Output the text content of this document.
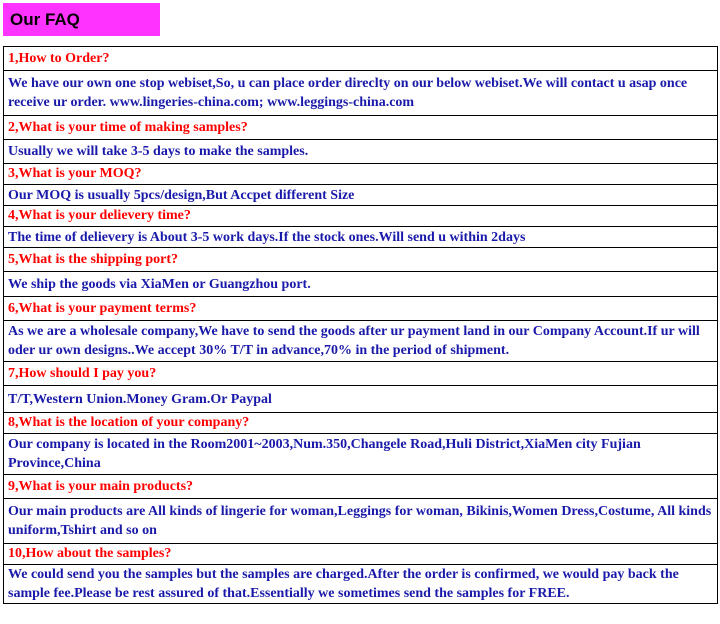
Our FAQ
1,How to Order?
We have our own one stop webiset,So, u can place order direclty on our below webiset.We will contact u asap once receive ur order. www.lingeries-china.com; www.leggings-china.com
2,What is your time of making samples?
Usually we will take 3-5 days to make the samples.
3,What is your MOQ?
Our MOQ is usually 5pcs/design,But Accpet different Size
4,What is your delievery time?
The time of delievery is About 3-5 work days.If the stock ones.Will send u within 2days
5,What is the shipping port?
We ship the goods via XiaMen or Guangzhou port.
6,What is your payment terms?
As we are a wholesale company,We have to send the goods after ur payment land in our Company Account.If ur will oder ur own designs..We accept 30% T/T in advance,70% in the period of shipment.
7,How should I pay you?
T/T,Western Union.Money Gram.Or Paypal
8,What is the location of your company?
Our company is located in the Room2001~2003,Num.350,Changele Road,Huli District,XiaMen city Fujian Province,China
9,What is your main products?
Our main products are All kinds of lingerie for woman,Leggings for woman, Bikinis,Women Dress,Costume, All kinds uniform,Tshirt and so on
10,How about the samples?
We could send you the samples but the samples are charged.After the order is confirmed, we would pay back the sample fee.Please be rest assured of that.Essentially we sometimes send the samples for FREE.
